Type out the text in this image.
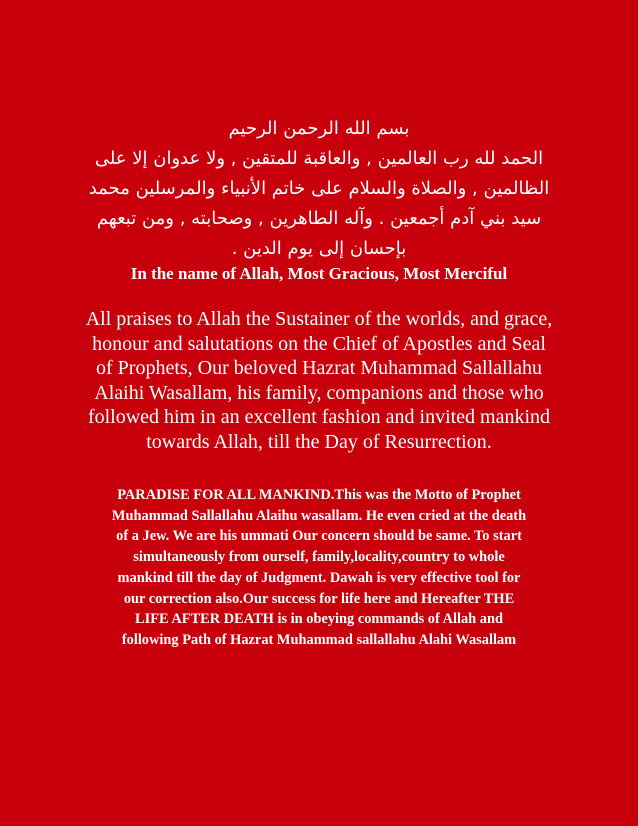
بسم الله الرحمن الرحيم
الحمد لله رب العالمين , والعاقبة للمتقين , ولا عدوان إلا على
الظالمين , والصلاة والسلام على خاتم الأنبياء والمرسلين محمد
سيد بني آدم أجمعين . وآله الطاهرين , وصحابته , ومن تبعهم
بإحسان إلى يوم الدين .
In the name of Allah, Most Gracious, Most Merciful
All praises to Allah the Sustainer of the worlds, and grace,
honour and salutations on the Chief of Apostles and Seal
of Prophets, Our beloved Hazrat Muhammad Sallallahu
Alaihi Wasallam, his family, companions and those who
followed him in an excellent fashion and invited mankind
towards Allah, till the Day of Resurrection.
PARADISE FOR ALL MANKIND.This was the Motto of Prophet
Muhammad Sallallahu Alaihu wasallam. He even cried at the death
of a Jew. We are his ummati Our concern should be same. To start
simultaneously from ourself, family,locality,country to whole
mankind till the day of Judgment. Dawah is very effective tool for
our correction also.Our success for life here and Hereafter THE
LIFE AFTER DEATH is in obeying commands of Allah and
following Path of Hazrat Muhammad sallallahu Alahi Wasallam
